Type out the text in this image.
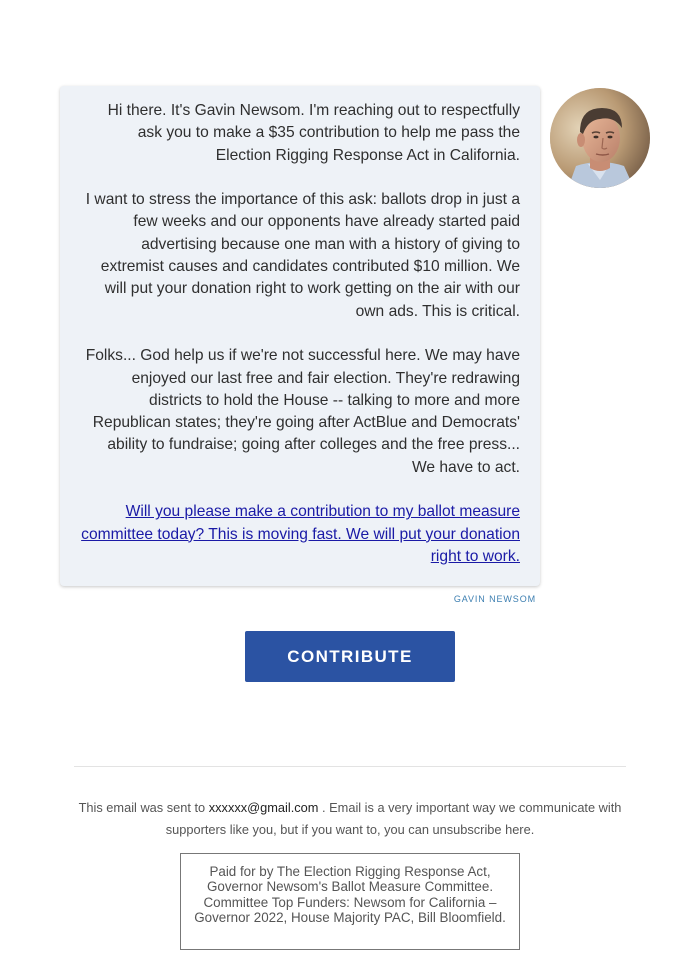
Hi there. It's Gavin Newsom. I'm reaching out to respectfully ask you to make a $35 contribution to help me pass the Election Rigging Response Act in California.

I want to stress the importance of this ask: ballots drop in just a few weeks and our opponents have already started paid advertising because one man with a history of giving to extremist causes and candidates contributed $10 million. We will put your donation right to work getting on the air with our own ads. This is critical.

Folks... God help us if we're not successful here. We may have enjoyed our last free and fair election. They're redrawing districts to hold the House -- talking to more and more Republican states; they're going after ActBlue and Democrats' ability to fundraise; going after colleges and the free press... We have to act.

Will you please make a contribution to my ballot measure committee today? This is moving fast. We will put your donation right to work.

GAVIN NEWSOM
CONTRIBUTE
This email was sent to xxxxxx@gmail.com . Email is a very important way we communicate with supporters like you, but if you want to, you can unsubscribe here.
Paid for by The Election Rigging Response Act, Governor Newsom's Ballot Measure Committee. Committee Top Funders: Newsom for California – Governor 2022, House Majority PAC, Bill Bloomfield.
